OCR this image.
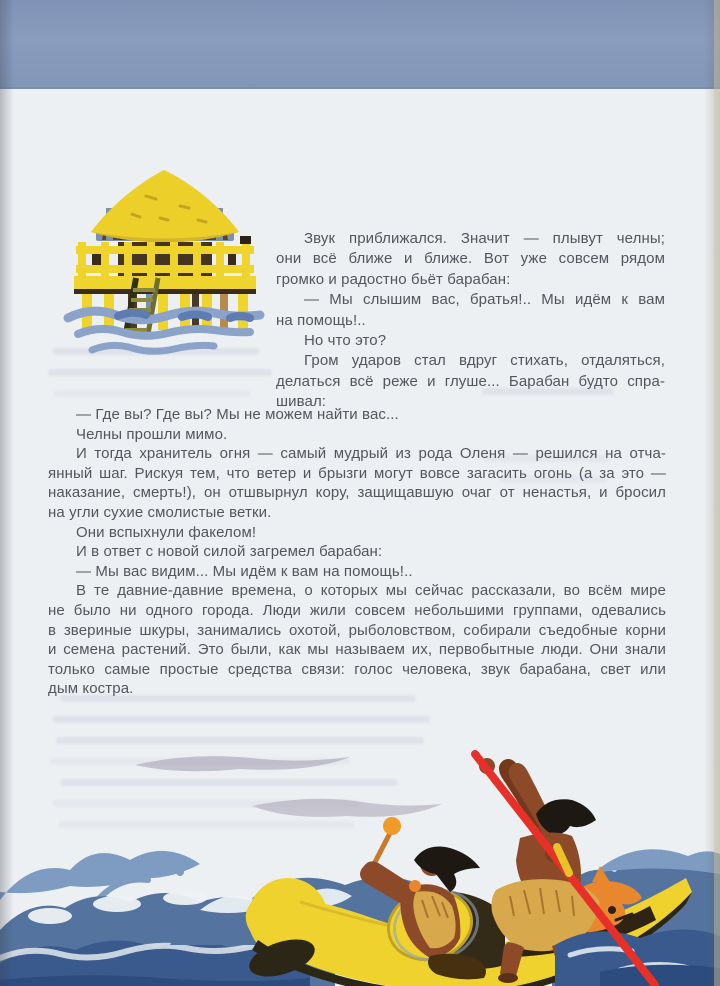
Звук приближался. Значит — плывут челны;
они всё ближе и ближе. Вот уже совсем рядом
громко и радостно бьёт барабан:
— Мы слышим вас, братья!.. Мы идём к вам
на помощь!..
Но что это?
Гром ударов стал вдруг стихать, отдаляться,
делаться всё реже и глуше... Барабан будто спра-
шивал:
— Где вы? Где вы? Мы не можем найти вас...
Челны прошли мимо.
И тогда хранитель огня — самый мудрый из рода Оленя — решился на отча-
янный шаг. Рискуя тем, что ветер и брызги могут вовсе загасить огонь (а за это —
наказание, смерть!), он отшвырнул кору, защищавшую очаг от ненастья, и бросил
на угли сухие смолистые ветки.
Они вспыхнули факелом!
И в ответ с новой силой загремел барабан:
— Мы вас видим... Мы идём к вам на помощь!..
В те давние-давние времена, о которых мы сейчас рассказали, во всём мире
не было ни одного города. Люди жили совсем небольшими группами, одевались
в звериные шкуры, занимались охотой, рыболовством, собирали съедобные корни
и семена растений. Это были, как мы называем их, первобытные люди. Они знали
только самые простые средства связи: голос человека, звук барабана, свет или
дым костра.
